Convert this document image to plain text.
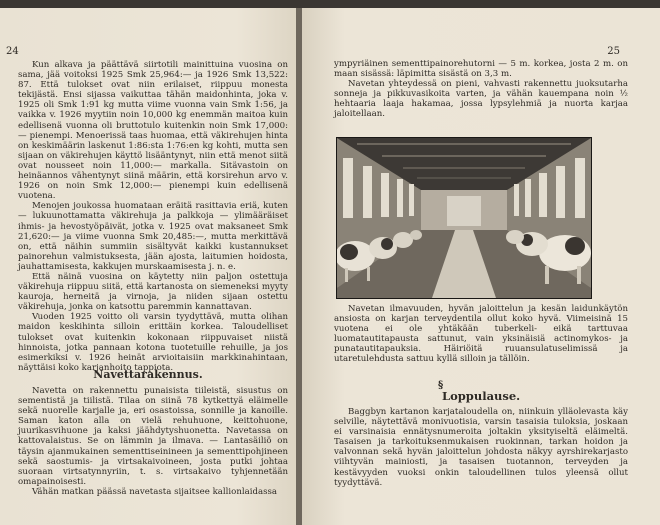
24

Kun alkava ja päättävä siirtotili mainittuina vuosina on sama, jää voitoksi 1925 Smk 25,964:— ja 1926 Smk 13,522: 87. Että tulokset ovat niin erilaiset, riippuu monesta tekijästä. Ensi sijassa vaikuttaa tähän maidonhinta, joka v. 1925 oli Smk 1:91 kg mutta viime vuonna vain Smk 1:56, ja vaikka v. 1926 myytiin noin 10,000 kg enemmän maitoa kuin edellisenä vuonna oli bruttotulo kuitenkin noin Smk 17,000:— pienempi. Menoerissä taas huomaa, että väkirehujen hinta on keskimäärin laskenut 1:86:sta 1:76:en kg kohti, mutta sen sijaan on väkirehujen käyttö lisääntynyt, niin että menot siitä ovat nousseet noin 11,000:— markalla. Sitävastoin on heinäannos vähentynyt siinä määrin, että korsirehun arvo v. 1926 on noin Smk 12,000:— pienempi kuin edellisenä vuotena.

Menojen joukossa huomataan eräitä rasittavia eriä, kuten — lukuunottamatta väkirehuja ja palkkoja — ylimääräiset ihmis- ja hevostyöpäivät, jotka v. 1925 ovat maksaneet Smk 21,620:— ja viime vuonna Smk 20,485:—, mutta merkittävä on, että näihin summiin sisältyvät kaikki kustannukset painorehun valmistuksesta, jään ajosta, laitumien hoidosta, jauhattamisesta, kakkujen murskaamisesta j. n. e.

Että näinä vuosina on käytetty niin paljon ostettuja väkirehuja riippuu siitä, että kartanosta on siemeneksi myyty kauroja, herneitä ja virnoja, ja niiden sijaan ostettu väkirehuja, jonka on katsottu paremmin kannattavan.

Vuoden 1925 voitto oli varsin tyydyttävä, mutta olihan maidon keskihinta silloin erittäin korkea. Taloudelliset tulokset ovat kuitenkin kokonaan riippuvaiset niistä hinnoista, jotka pannaan kotona tuotetuille rehuille, ja jos esimerkiksi v. 1926 heinät arvioitaisiin markkinahintaan, näyttäisi koko karjanhoito tappiota.

Navettarakennus.

Navetta on rakennettu punaisista tiileistä, sisustus on sementistä ja tiilistä. Tilaa on siinä 78 kytkettyä eläimelle sekä nuorelle karjalle ja, eri osastoissa, sonnille ja kanoille. Saman katon alla on vielä rehuhuone, keittohuone, juurikasvihuone ja kaksi jäähdytyshuonetta. Navetassa on kattovalaistus. Se on lämmin ja ilmava. — Lantasäiliö on täysin ajanmukainen sementtiseinineen ja sementtipohjineen sekä saostumis- ja virtsakaivoineen, josta putki johtaa suoraan virtsatynnyriin, t. s. virtsakaivo tyhjennetään omapainoisesti.

Vähän matkan päässä navetasta sijaitsee kallionlaidassa

25

ympyriäinen sementtipainorehutorni — 5 m. korkea, josta 2 m. on maan sisässä: läpimitta sisästä on 3,3 m.

Navetan yhteydessä on pieni, vahvasti rakennettu juoksutarha sonneja ja pikkuvasikoita varten, ja vähän kauempana noin ½ hehtaaria laaja hakamaa, jossa lypsylehmiä ja nuorta karjaa jaloitellaan.

Navetan ilmavuuden, hyvän jaloittelun ja kesän laidunkäytön ansiosta on karjan terveydentila ollut koko hyvä. Viimeisinä 15 vuotena ei ole yhtäkään tuberkeli- eikä tarttuvaa luomatautitapausta sattunut, vain yksinäisiä actinomykos- ja punatautitapauksia. Häiriöitä ruuansulatuselimissä ja utaretulehdusta sattuu kyllä silloin ja tällöin.

§
Loppulause.

Baggbyn kartanon karjataloudella on, niinkuin ylläolevasta käy selville, näytettävä monivuotisia, varsin tasaisia tuloksia, joskaan ei varsinaisia ennätysnumeroita joltakin yksityiseltä eläimeltä. Tasaisen ja tarkoituksenmukaisen ruokinnan, tarkan hoidon ja valvonnan sekä hyvän jaloittelun johdosta näkyy ayrshirekarjasto viihtyvän mainiosti, ja tasaisen tuotannon, terveyden ja kestävyyden vuoksi onkin taloudellinen tulos yleensä ollut tyydyttävä.
